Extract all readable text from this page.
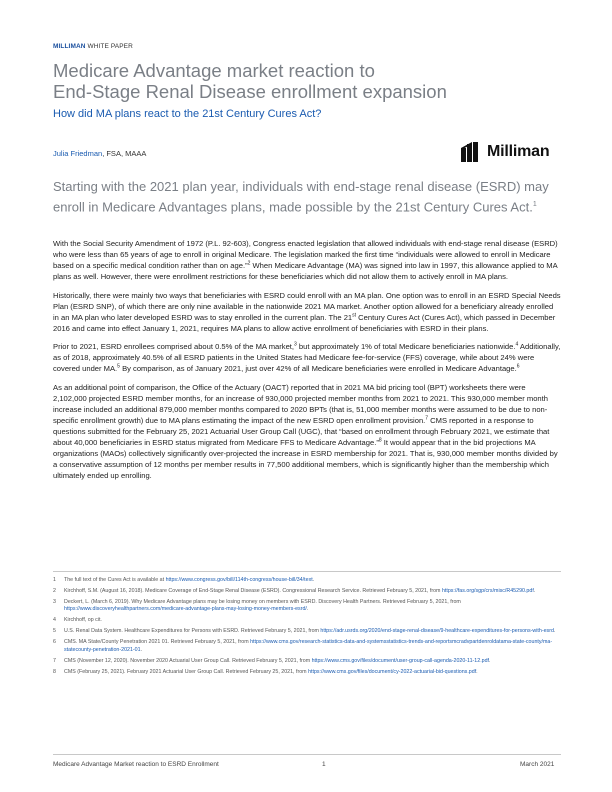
MILLIMAN WHITE PAPER
Medicare Advantage market reaction to
End-Stage Renal Disease enrollment expansion
How did MA plans react to the 21st Century Cures Act?
Julia Friedman, FSA, MAAA	Milliman
Starting with the 2021 plan year, individuals with end-stage renal disease (ESRD) may enroll in Medicare Advantages plans, made possible by the 21st Century Cures Act.$^1$

With the Social Security Amendment of 1972 (P.L. 92-603), Congress enacted legislation that allowed individuals with end-stage renal disease (ESRD) who were less than 65 years of age to enroll in original Medicare. The legislation marked the first time “individuals were allowed to enroll in Medicare based on a specific medical condition rather than on age.”$^2$ When Medicare Advantage (MA) was signed into law in 1997, this allowance applied to MA plans as well. However, there were enrollment restrictions for these beneficiaries which did not allow them to actively enroll in MA plans.

Historically, there were mainly two ways that beneficiaries with ESRD could enroll with an MA plan. One option was to enroll in an ESRD Special Needs Plan (ESRD SNP), of which there are only nine available in the nationwide 2021 MA market. Another option allowed for a beneficiary already enrolled in an MA plan who later developed ESRD was to stay enrolled in the current plan. The 21st Century Cures Act (Cures Act), which passed in December 2016 and came into effect January 1, 2021, requires MA plans to allow active enrollment of beneficiaries with ESRD in their plans.

Prior to 2021, ESRD enrollees comprised about 0.5% of the MA market,$^3$ but approximately 1% of total Medicare beneficiaries nationwide.$^4$ Additionally, as of 2018, approximately 40.5% of all ESRD patients in the United States had Medicare fee-for-service (FFS) coverage, while about 24% were covered under MA.$^5$ By comparison, as of January 2021, just over 42% of all Medicare beneficiaries were enrolled in Medicare Advantage.$^6$

As an additional point of comparison, the Office of the Actuary (OACT) reported that in 2021 MA bid pricing tool (BPT) worksheets there were 2,102,000 projected ESRD member months, for an increase of 930,000 projected member months from 2021 to 2021. This 930,000 member month increase included an additional 879,000 member months compared to 2020 BPTs (that is, 51,000 member months were assumed to be due to non-specific enrollment growth) due to MA plans estimating the impact of the new ESRD open enrollment provision.$^7$ CMS reported in a response to questions submitted for the February 25, 2021 Actuarial User Group Call (UGC), that “based on enrollment through February 2021, we estimate that about 40,000 beneficiaries in ESRD status migrated from Medicare FFS to Medicare Advantage.”$^8$ It would appear that in the bid projections MA organizations (MAOs) collectively significantly over-projected the increase in ESRD membership for 2021. That is, 930,000 member months divided by a conservative assumption of 12 months per member results in 77,500 additional members, which is significantly higher than the membership which ultimately ended up enrolling.

1 The full text of the Cures Act is available at https://www.congress.gov/bill/114th-congress/house-bill/34/text.
2 Kirchhoff, S.M. (August 16, 2018). Medicare Coverage of End-Stage Renal Disease (ESRD). Congressional Research Service. Retrieved February 5, 2021, from https://fas.org/sgp/crs/misc/R45290.pdf.
3 Deckert, L. (March 6, 2019). Why Medicare Advantage plans may be losing money on members with ESRD. Discovery Health Partners. Retrieved February 5, 2021, from https://www.discoveryhealthpartners.com/medicare-advantage-plans-may-losing-money-members-esrd/.
4 Kirchhoff, op cit.
5 U.S. Renal Data System. Healthcare Expenditures for Persons with ESRD. Retrieved February 5, 2021, from https://adr.usrds.org/2020/end-stage-renal-disease/9-healthcare-expenditures-for-persons-with-esrd.
6 CMS. MA State/County Penetration 2021 01. Retrieved February 5, 2021, from https://www.cms.gov/research-statistics-data-and-systemsstatistics-trends-and-reportsmcradvpartdenroldatama-state-county/ma-statecounty-penetration-2021-01.
7 CMS (November 12, 2020). November 2020 Actuarial User Group Call. Retrieved February 5, 2021, from https://www.cms.gov/files/document/user-group-call-agenda-2020-11-12.pdf.
8 CMS (February 25, 2021). February 2021 Actuarial User Group Call. Retrieved February 25, 2021, from https://www.cms.gov/files/document/cy-2022-actuarial-bid-questions.pdf.
Medicare Advantage Market reaction to ESRD Enrollment	1	March 2021
